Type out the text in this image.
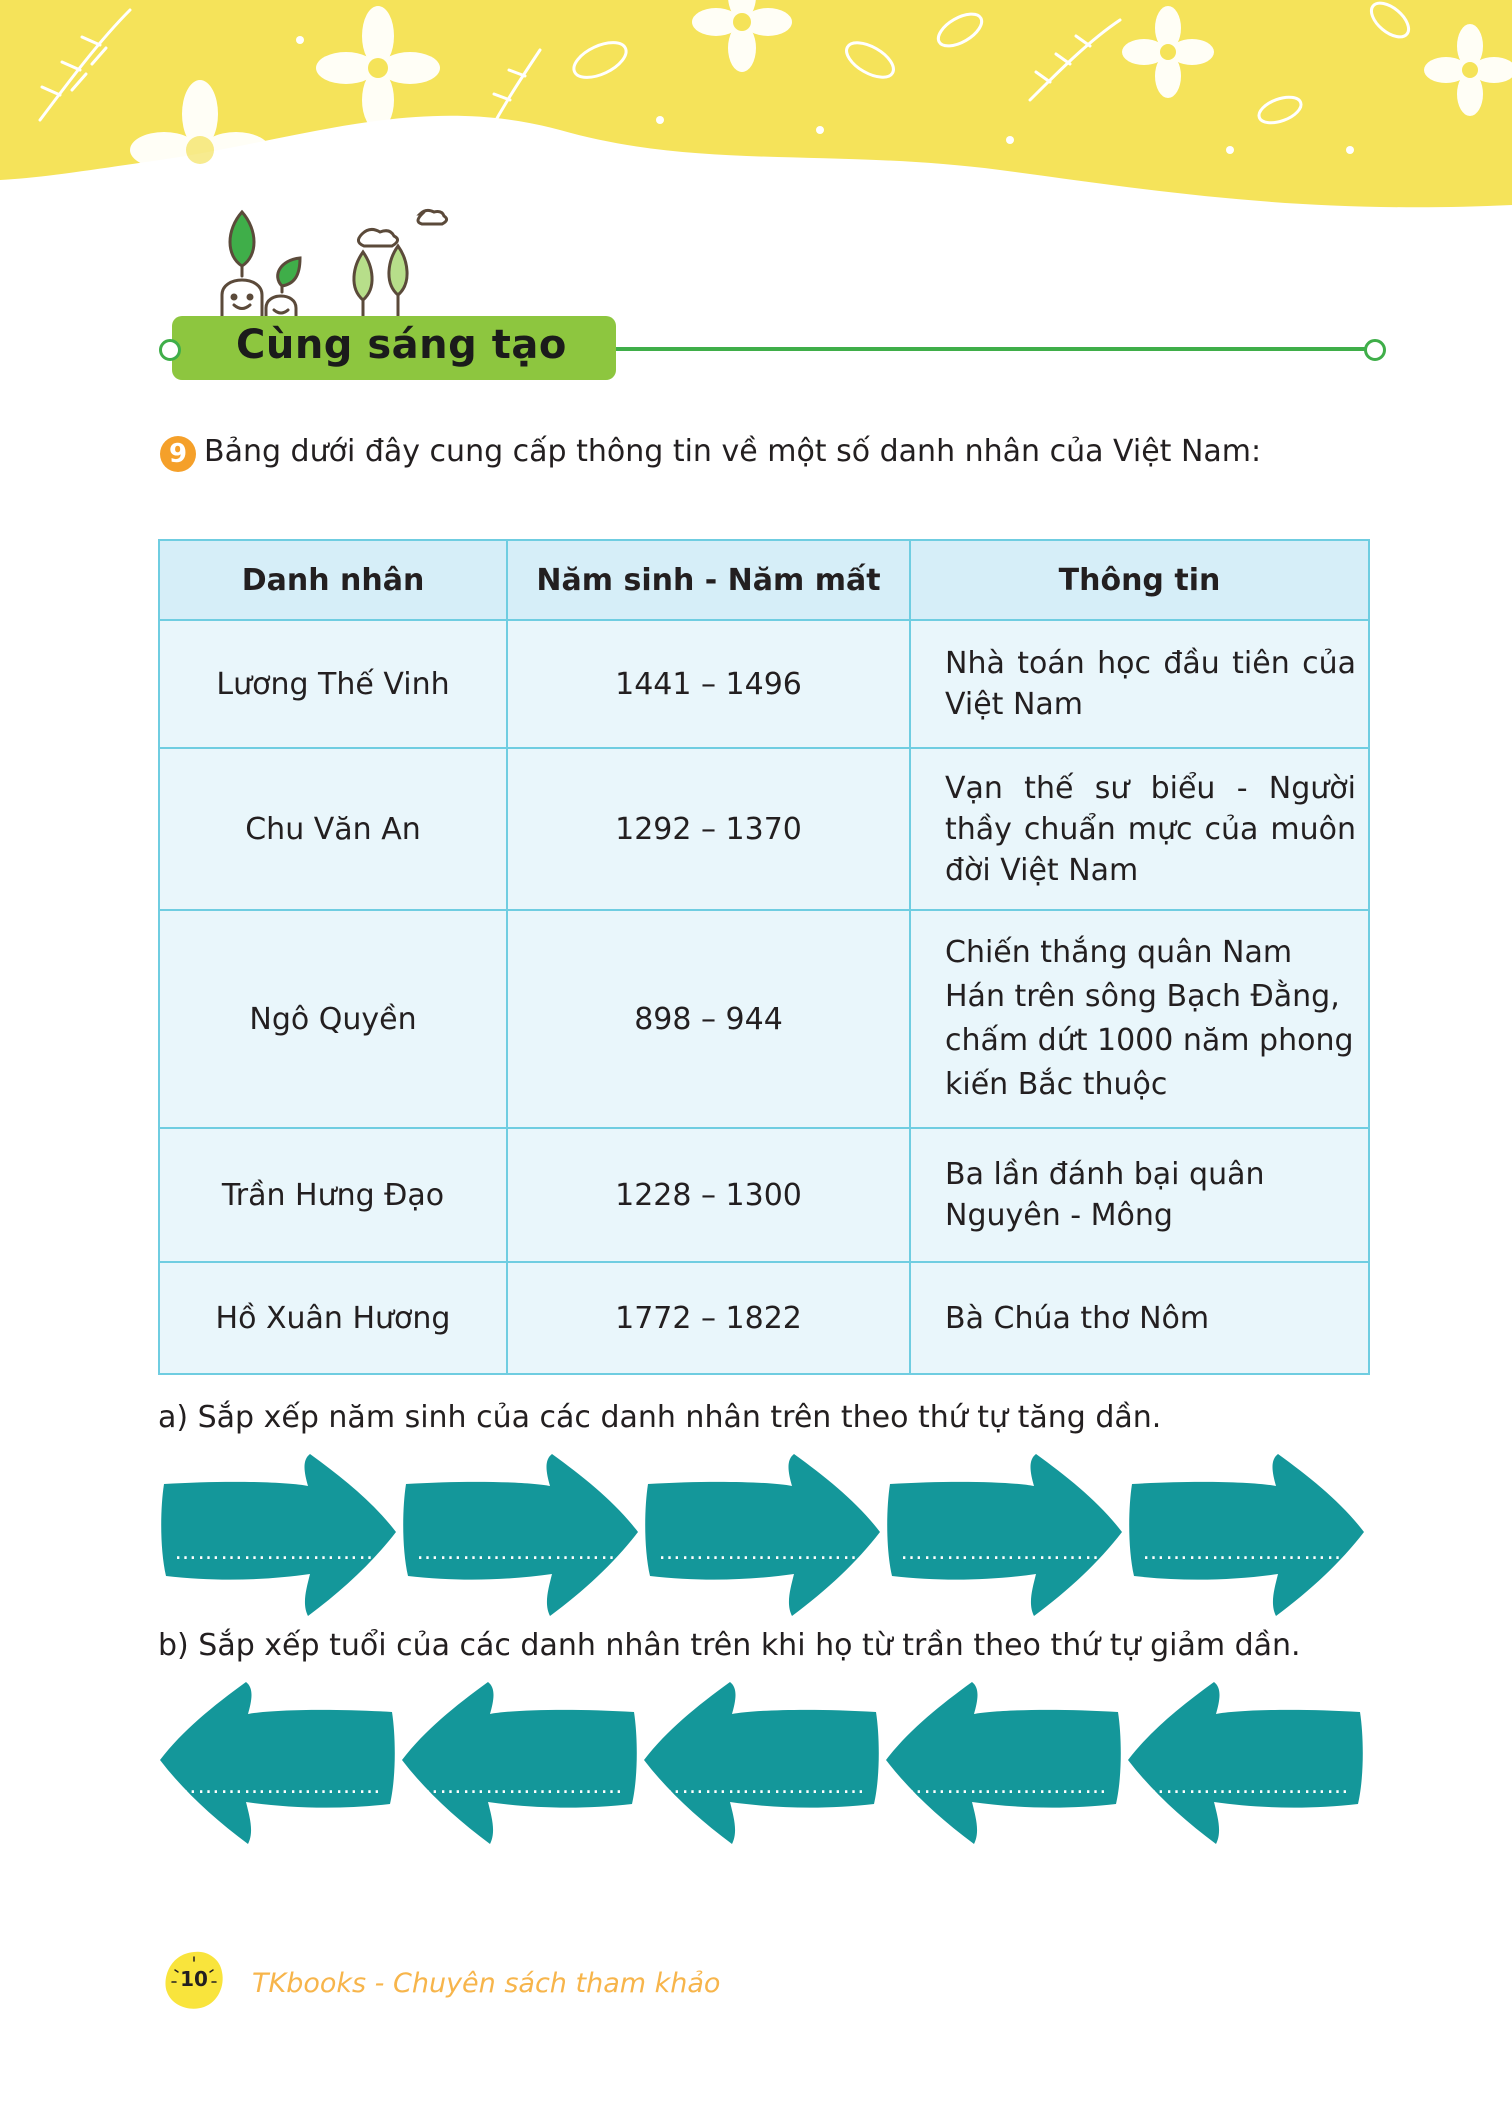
Cùng sáng tạo
9 Bảng dưới đây cung cấp thông tin về một số danh nhân của Việt Nam:
Danh nhân	Năm sinh - Năm mất	Thông tin
Lương Thế Vinh	1441 – 1496	Nhà toán học đầu tiên của Việt Nam
Chu Văn An	1292 – 1370	Vạn thế sư biểu - Người thầy chuẩn mực của muôn đời Việt Nam
Ngô Quyền	898 – 944	Chiến thắng quân Nam Hán trên sông Bạch Đằng, chấm dứt 1000 năm phong kiến Bắc thuộc
Trần Hưng Đạo	1228 – 1300	Ba lần đánh bại quân Nguyên - Mông
Hồ Xuân Hương	1772 – 1822	Bà Chúa thơ Nôm
a) Sắp xếp năm sinh của các danh nhân trên theo thứ tự tăng dần.
………………………	………………………	………………………	………………………	………………………
b) Sắp xếp tuổi của các danh nhân trên khi họ từ trần theo thứ tự giảm dần.
………………………	………………………	………………………	………………………	………………………
10	TKbooks - Chuyên sách tham khảo
